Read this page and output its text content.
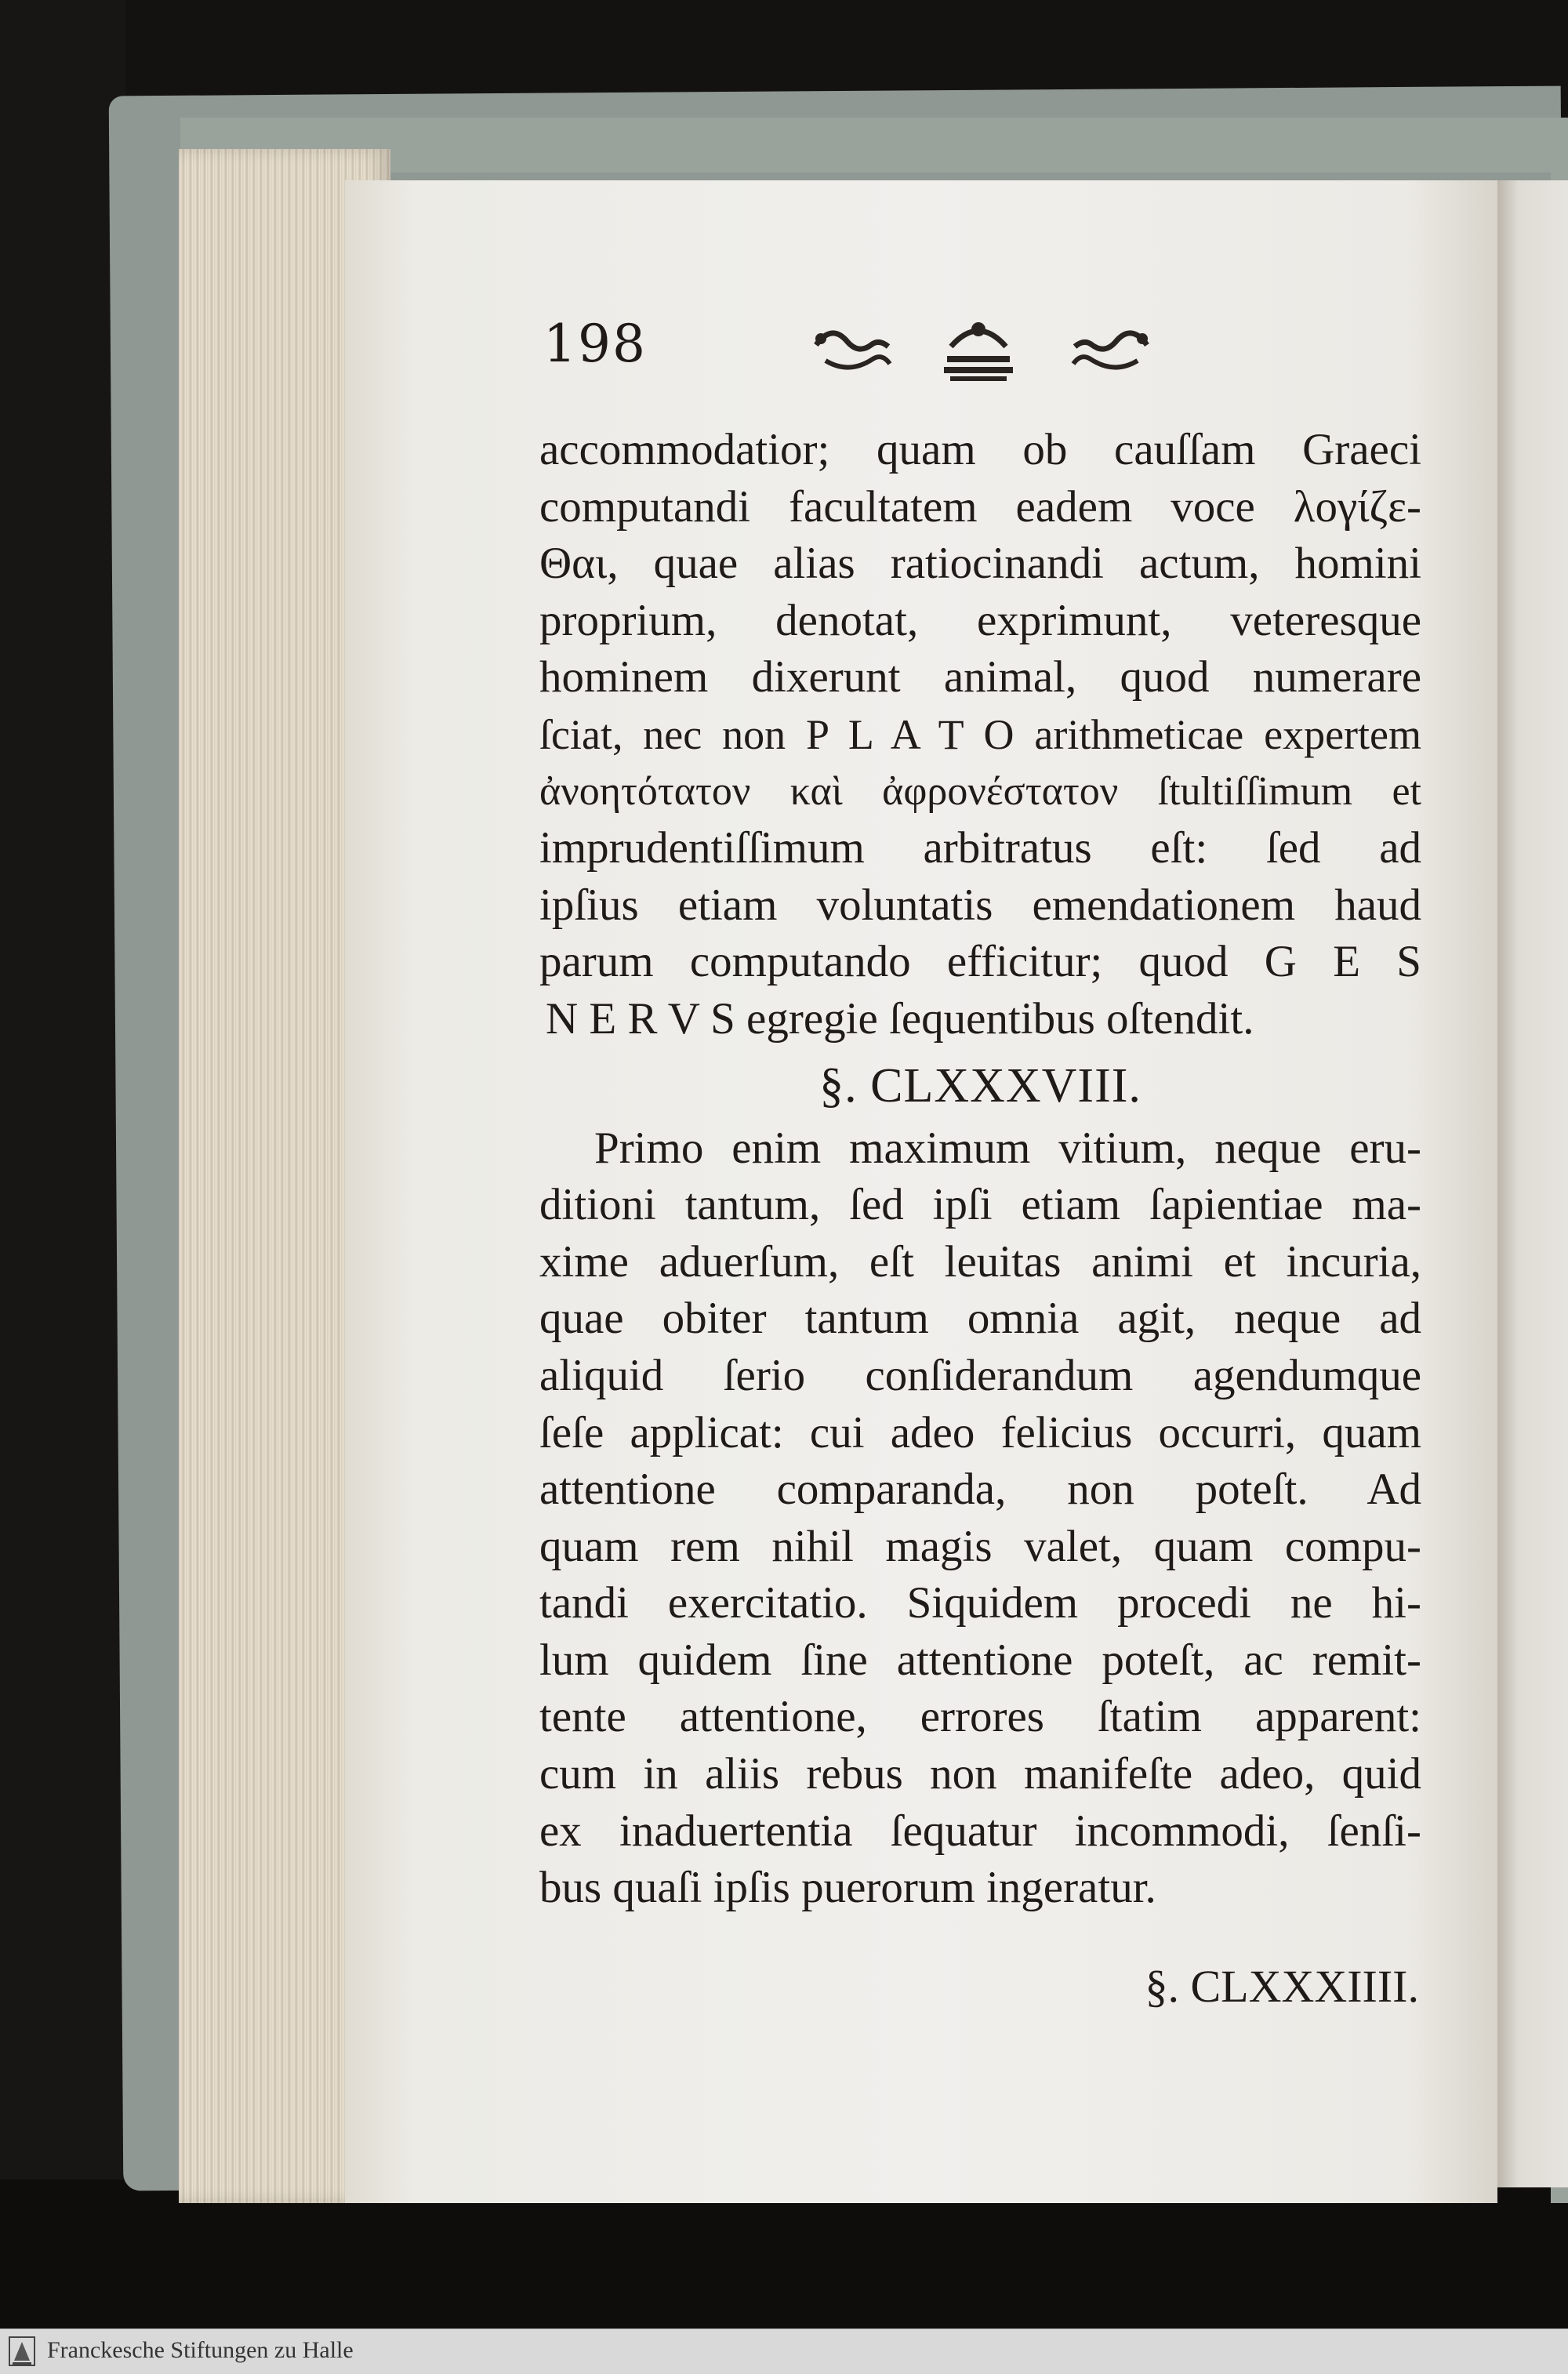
198
accommodatior; quam ob cauſſam Graeci
computandi facultatem eadem voce λογίζε-
Θαι, quae alias ratiocinandi actum, homini
proprium, denotat, exprimunt, veteresque
hominem dixerunt animal, quod numerare
ſciat, nec non P L A T O arithmeticae expertem
ἀνοητότατον καὶ ἀφρονέστατον ſtultiſſimum et
imprudentiſſimum arbitratus eſt: ſed ad
ipſius etiam voluntatis emendationem haud
parum computando efficitur; quod G E S
N E R V S egregie ſequentibus oſtendit.
§. CLXXXVIII.
Primo enim maximum vitium, neque eru-
ditioni tantum, ſed ipſi etiam ſapientiae ma-
xime aduerſum, eſt leuitas animi et incuria,
quae obiter tantum omnia agit, neque ad
aliquid ſerio conſiderandum agendumque
ſeſe applicat: cui adeo felicius occurri, quam
attentione comparanda, non poteſt. Ad
quam rem nihil magis valet, quam compu-
tandi exercitatio. Siquidem procedi ne hi-
lum quidem ſine attentione poteſt, ac remit-
tente attentione, errores ſtatim apparent:
cum in aliis rebus non manifeſte adeo, quid
ex inaduertentia ſequatur incommodi, ſenſi-
bus quaſi ipſis puerorum ingeratur.
§. CLXXXIIII.
Franckesche Stiftungen zu Halle
